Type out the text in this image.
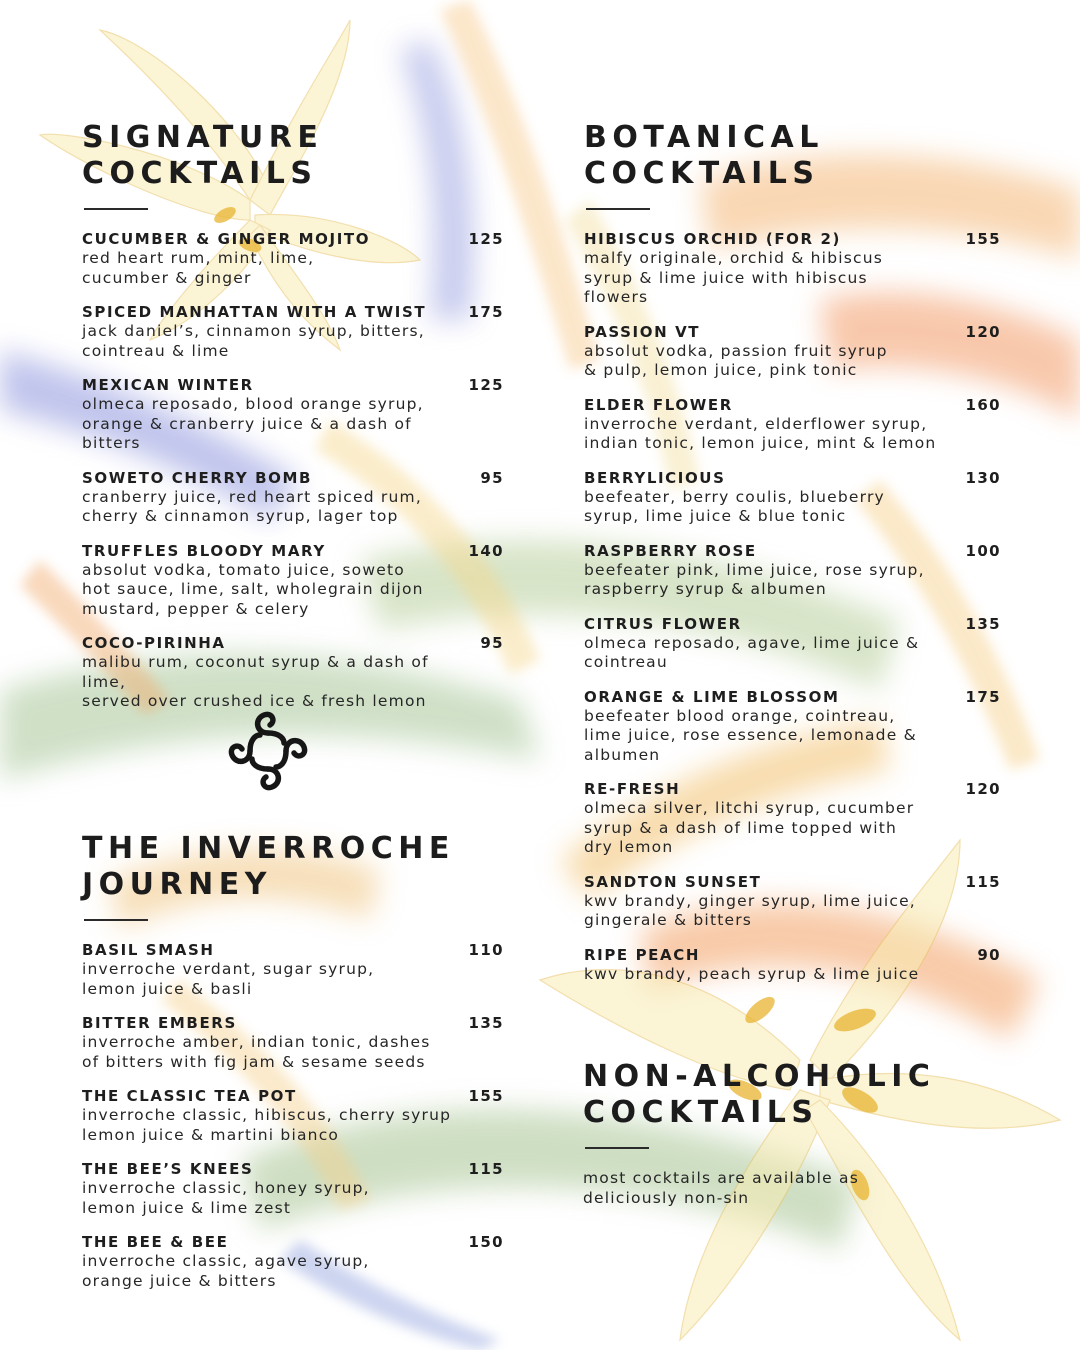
SIGNATURE
COCKTAILS
CUCUMBER & GINGER MOJITO	125
red heart rum, mint, lime,
cucumber & ginger
SPICED MANHATTAN WITH A TWIST	175
jack daniel’s, cinnamon syrup, bitters,
cointreau & lime
MEXICAN WINTER	125
olmeca reposado, blood orange syrup,
orange & cranberry juice & a dash of bitters
SOWETO CHERRY BOMB	95
cranberry juice, red heart spiced rum,
cherry & cinnamon syrup, lager top
TRUFFLES BLOODY MARY	140
absolut vodka, tomato juice, soweto
hot sauce, lime, salt, wholegrain dijon
mustard, pepper & celery
COCO-PIRINHA	95
malibu rum, coconut syrup & a dash of lime,
served over crushed ice & fresh lemon
THE INVERROCHE
JOURNEY
BASIL SMASH	110
inverroche verdant, sugar syrup,
lemon juice & basli
BITTER EMBERS	135
inverroche amber, indian tonic, dashes
of bitters with fig jam & sesame seeds
THE CLASSIC TEA POT	155
inverroche classic, hibiscus, cherry syrup
lemon juice & martini bianco
THE BEE’S KNEES	115
inverroche classic, honey syrup,
lemon juice & lime zest
THE BEE & BEE	150
inverroche classic, agave syrup,
orange juice & bitters
BOTANICAL
COCKTAILS
HIBISCUS ORCHID (FOR 2)	155
malfy originale, orchid & hibiscus
syrup & lime juice with hibiscus
flowers
PASSION VT	120
absolut vodka, passion fruit syrup
& pulp, lemon juice, pink tonic
ELDER FLOWER	160
inverroche verdant, elderflower syrup,
indian tonic, lemon juice, mint & lemon
BERRYLICIOUS	130
beefeater, berry coulis, blueberry
syrup, lime juice & blue tonic
RASPBERRY ROSE	100
beefeater pink, lime juice, rose syrup,
raspberry syrup & albumen
CITRUS FLOWER	135
olmeca reposado, agave, lime juice &
cointreau
ORANGE & LIME BLOSSOM	175
beefeater blood orange, cointreau,
lime juice, rose essence, lemonade &
albumen
RE-FRESH	120
olmeca silver, litchi syrup, cucumber
syrup & a dash of lime topped with
dry lemon
SANDTON SUNSET	115
kwv brandy, ginger syrup, lime juice,
gingerale & bitters
RIPE PEACH	90
kwv brandy, peach syrup & lime juice
NON-ALCOHOLIC
COCKTAILS
most cocktails are available as
deliciously non-sin
